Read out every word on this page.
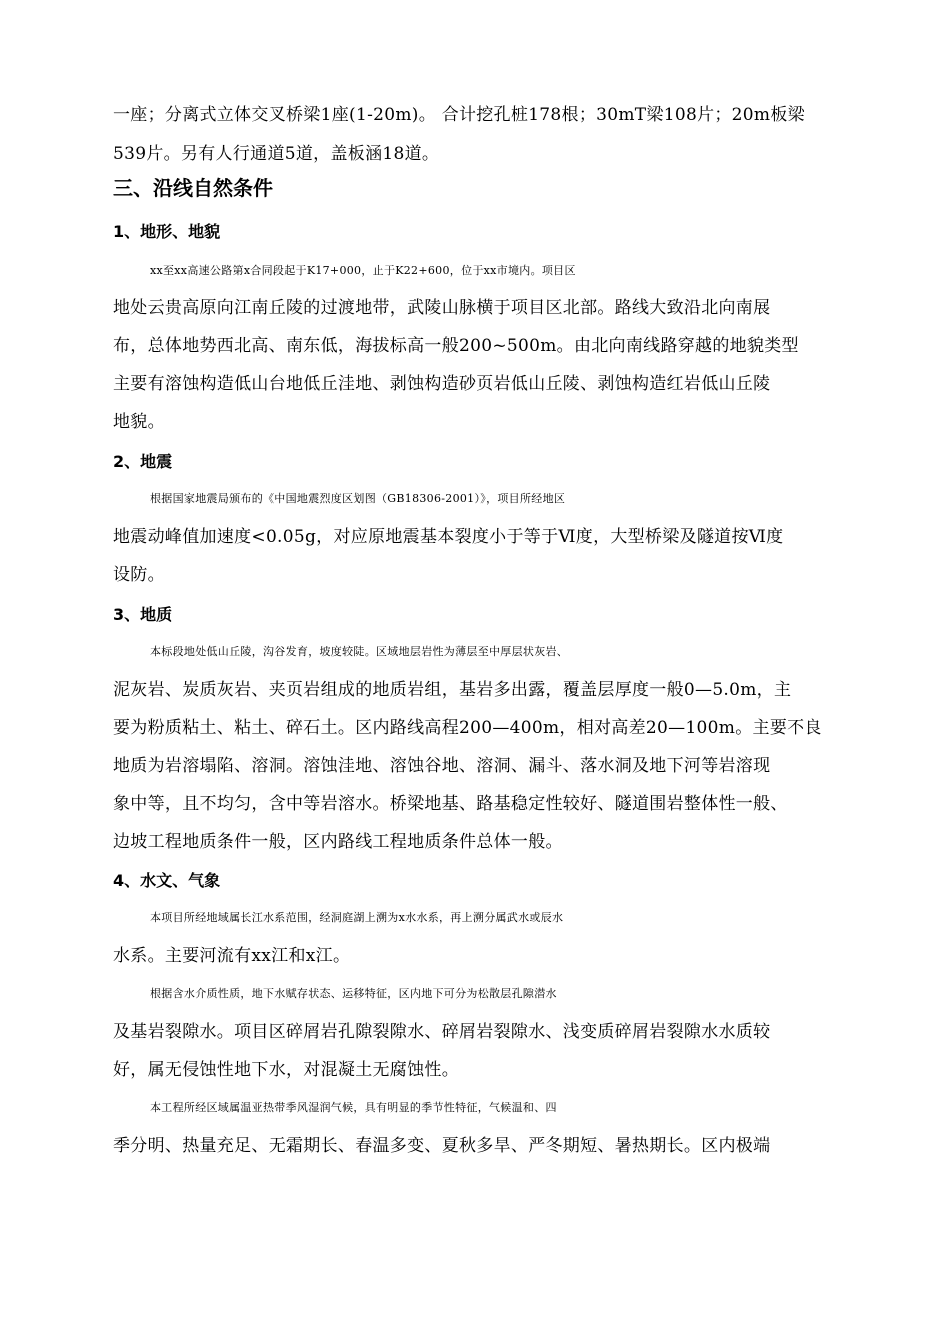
一座；分离式立体交叉桥梁1座(1-20m)。 合计挖孔桩178根；30mT梁108片；20m板梁
539片。另有人行通道5道，盖板涵18道。
三、沿线自然条件
1、地形、地貌
xx至xx高速公路第x合同段起于K17+000，止于K22+600，位于xx市境内。项目区
地处云贵高原向江南丘陵的过渡地带，武陵山脉横于项目区北部。路线大致沿北向南展
布，总体地势西北高、南东低，海拔标高一般200~500m。由北向南线路穿越的地貌类型
主要有溶蚀构造低山台地低丘洼地、剥蚀构造砂页岩低山丘陵、剥蚀构造红岩低山丘陵
地貌。
2、地震
根据国家地震局颁布的《中国地震烈度区划图（GB18306-2001）》，项目所经地区
地震动峰值加速度<0.05g，对应原地震基本裂度小于等于Ⅵ度，大型桥梁及隧道按Ⅵ度
设防。
3、地质
本标段地处低山丘陵，沟谷发育，坡度较陡。区域地层岩性为薄层至中厚层状灰岩、
泥灰岩、炭质灰岩、夹页岩组成的地质岩组，基岩多出露，覆盖层厚度一般0—5.0m，主
要为粉质粘土、粘土、碎石土。区内路线高程200—400m，相对高差20—100m。主要不良
地质为岩溶塌陷、溶洞。溶蚀洼地、溶蚀谷地、溶洞、漏斗、落水洞及地下河等岩溶现
象中等，且不均匀，含中等岩溶水。桥梁地基、路基稳定性较好、隧道围岩整体性一般、
边坡工程地质条件一般，区内路线工程地质条件总体一般。
4、水文、气象
本项目所经地域属长江水系范围，经洞庭湖上溯为x水水系，再上溯分属武水或辰水
水系。主要河流有xx江和x江。
根据含水介质性质，地下水赋存状态、运移特征，区内地下可分为松散层孔隙潜水
及基岩裂隙水。项目区碎屑岩孔隙裂隙水、碎屑岩裂隙水、浅变质碎屑岩裂隙水水质较
好，属无侵蚀性地下水，对混凝土无腐蚀性。
本工程所经区域属温亚热带季风湿润气候，具有明显的季节性特征，气候温和、四
季分明、热量充足、无霜期长、春温多变、夏秋多旱、严冬期短、暑热期长。区内极端
